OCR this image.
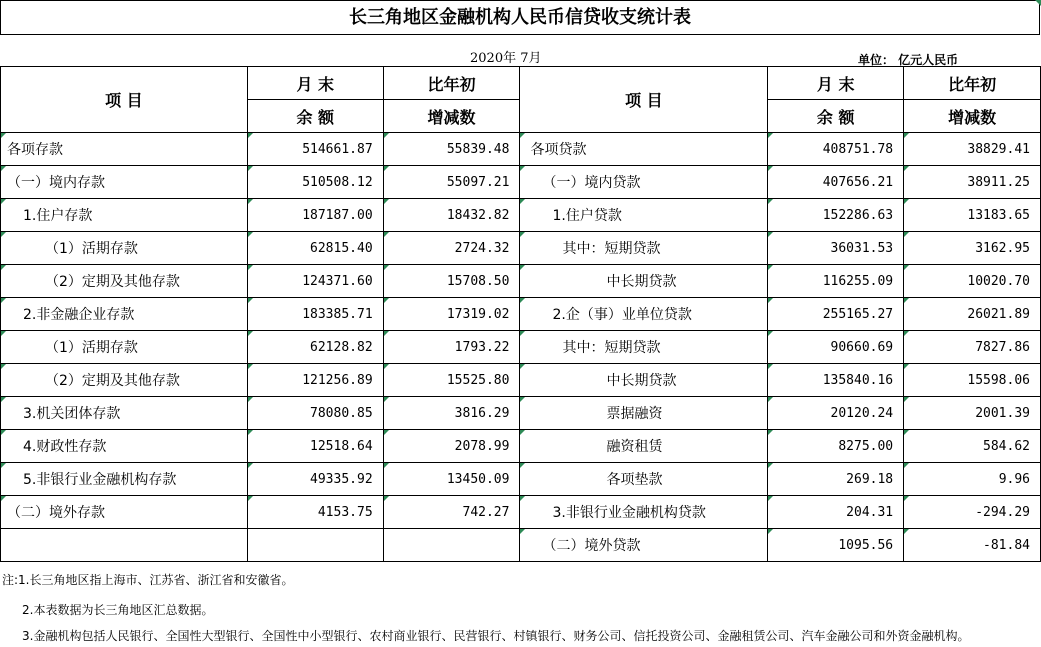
长三角地区金融机构人民币信贷收支统计表
2020年 7月	单位： 亿元人民币
项 目	月 末	比年初	项 目	月 末	比年初
	余 额	增减数		余 额	增减数
各项存款	514661.87	55839.48	各项贷款	408751.78	38829.41
（一）境内存款	510508.12	55097.21	（一）境内贷款	407656.21	38911.25
1.住户存款	187187.00	18432.82	1.住户贷款	152286.63	13183.65
（1）活期存款	62815.40	2724.32	其中：短期贷款	36031.53	3162.95
（2）定期及其他存款	124371.60	15708.50	中长期贷款	116255.09	10020.70
2.非金融企业存款	183385.71	17319.02	2.企（事）业单位贷款	255165.27	26021.89
（1）活期存款	62128.82	1793.22	其中：短期贷款	90660.69	7827.86
（2）定期及其他存款	121256.89	15525.80	中长期贷款	135840.16	15598.06
3.机关团体存款	78080.85	3816.29	票据融资	20120.24	2001.39
4.财政性存款	12518.64	2078.99	融资租赁	8275.00	584.62
5.非银行业金融机构存款	49335.92	13450.09	各项垫款	269.18	9.96
（二）境外存款	4153.75	742.27	3.非银行业金融机构贷款	204.31	-294.29
			（二）境外贷款	1095.56	-81.84
注:1.长三角地区指上海市、江苏省、浙江省和安徽省。
2.本表数据为长三角地区汇总数据。
3.金融机构包括人民银行、全国性大型银行、全国性中小型银行、农村商业银行、民营银行、村镇银行、财务公司、信托投资公司、金融租赁公司、汽车金融公司和外资金融机构。
